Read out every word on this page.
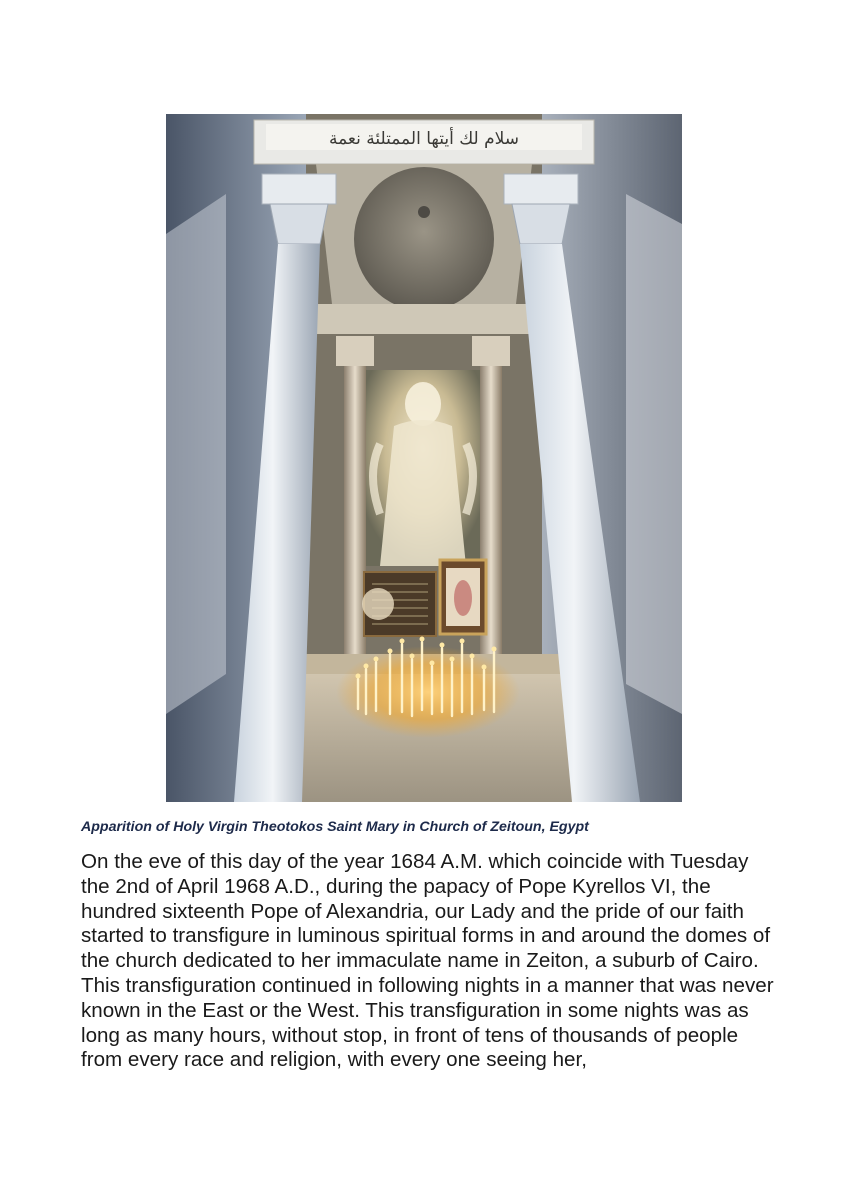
سلام لك أيتها الممتلئة نعمة
Apparition of Holy Virgin Theotokos Saint Mary in Church of Zeitoun, Egypt

On the eve of this day of the year 1684 A.M. which coincide with Tuesday the 2nd of April 1968 A.D., during the papacy of Pope Kyrellos VI, the hundred sixteenth Pope of Alexandria, our Lady and the pride of our faith started to transfigure in luminous spiritual forms in and around the domes of the church dedicated to her immaculate name in Zeiton, a suburb of Cairo. This transfiguration continued in following nights in a manner that was never known in the East or the West. This transfiguration in some nights was as long as many hours, without stop, in front of tens of thousands of people from every race and religion, with every one seeing her,
